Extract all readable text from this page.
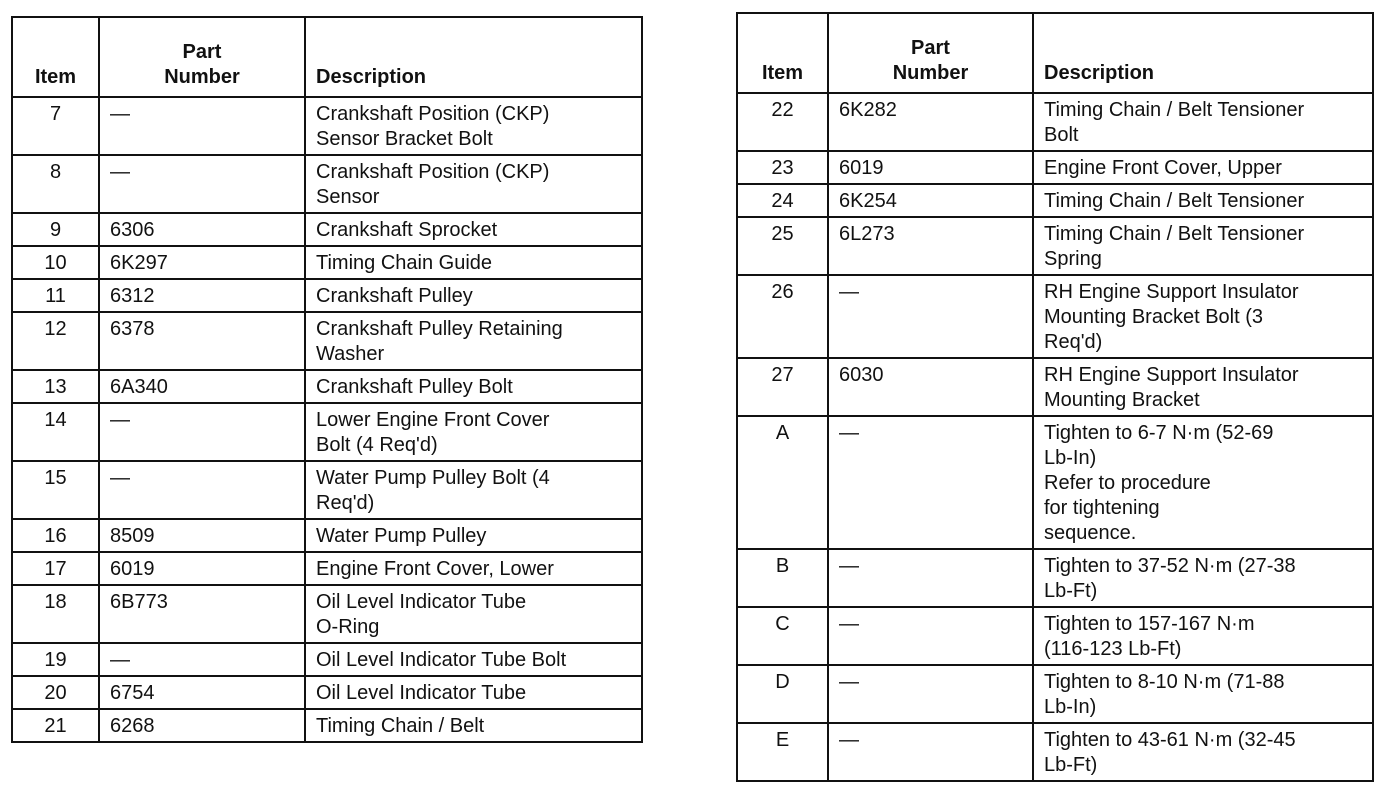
Item	Part
Number	Description
7	—	Crankshaft Position (CKP)
Sensor Bracket Bolt

8	—	Crankshaft Position (CKP)
Sensor

9	6306	Crankshaft Sprocket

10	6K297	Timing Chain Guide

11	6312	Crankshaft Pulley

12	6378	Crankshaft Pulley Retaining
Washer

13	6A340	Crankshaft Pulley Bolt

14	—	Lower Engine Front Cover
Bolt (4 Req'd)

15	—	Water Pump Pulley Bolt (4
Req'd)

16	8509	Water Pump Pulley

17	6019	Engine Front Cover, Lower

18	6B773	Oil Level Indicator Tube
O-Ring

19	—	Oil Level Indicator Tube Bolt

20	6754	Oil Level Indicator Tube

21	6268	Timing Chain / Belt
Item	Part
Number	Description
22	6K282	Timing Chain / Belt Tensioner
Bolt

23	6019	Engine Front Cover, Upper

24	6K254	Timing Chain / Belt Tensioner

25	6L273	Timing Chain / Belt Tensioner
Spring

26	—	RH Engine Support Insulator
Mounting Bracket Bolt (3
Req'd)

27	6030	RH Engine Support Insulator
Mounting Bracket

A	—	Tighten to 6-7 N·m (52-69
Lb-In)
Refer to procedure
for tightening
sequence.

B	—	Tighten to 37-52 N·m (27-38
Lb-Ft)

C	—	Tighten to 157-167 N·m
(116-123 Lb-Ft)

D	—	Tighten to 8-10 N·m (71-88
Lb-In)

E	—	Tighten to 43-61 N·m (32-45
Lb-Ft)
